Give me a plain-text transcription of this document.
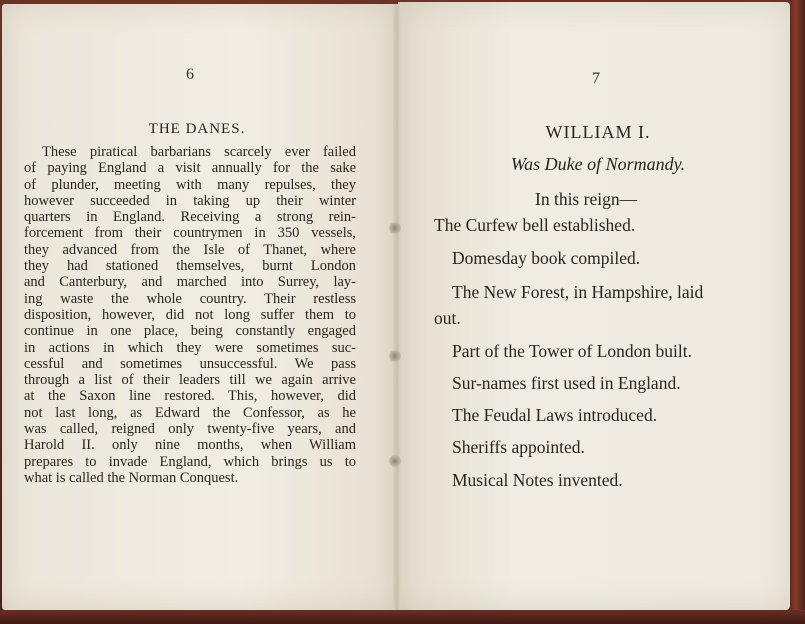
6
THE DANES.
These piratical barbarians scarcely ever failed
of paying England a visit annually for the sake
of plunder, meeting with many repulses, they
however succeeded in taking up their winter
quarters in England. Receiving a strong rein-
forcement from their countrymen in 350 vessels,
they advanced from the Isle of Thanet, where
they had stationed themselves, burnt London
and Canterbury, and marched into Surrey, lay-
ing waste the whole country. Their restless
disposition, however, did not long suffer them to
continue in one place, being constantly engaged
in actions in which they were sometimes suc-
cessful and sometimes unsuccessful. We pass
through a list of their leaders till we again arrive
at the Saxon line restored. This, however, did
not last long, as Edward the Confessor, as he
was called, reigned only twenty-five years, and
Harold II. only nine months, when William
prepares to invade England, which brings us to
what is called the Norman Conquest.
7
WILLIAM I.
Was Duke of Normandy.
In this reign—
The Curfew bell established.
Domesday book compiled.
The New Forest, in Hampshire, laid
out.
Part of the Tower of London built.
Sur-names first used in England.
The Feudal Laws introduced.
Sheriffs appointed.
Musical Notes invented.
